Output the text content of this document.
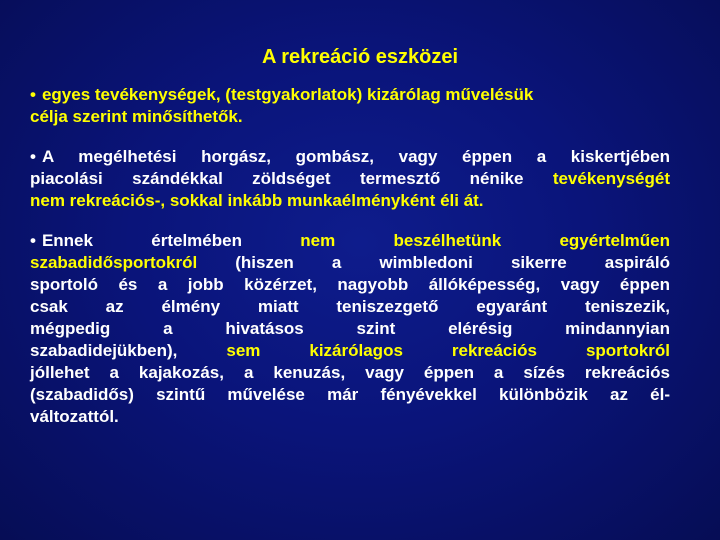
A rekreáció eszközei

• egyes tevékenységek, (testgyakorlatok) kizárólag művelésük
célja szerint minősíthetők.

• A megélhetési horgász, gombász, vagy éppen a kiskertjében
piacolási szándékkal zöldséget termesztő nénike tevékenységét
nem rekreációs-, sokkal inkább munkaélményként éli át.

• Ennek értelmében nem beszélhetünk egyértelműen
szabadidősportokról (hiszen a wimbledoni sikerre aspiráló
sportoló és a jobb közérzet, nagyobb állóképesség, vagy éppen
csak az élmény miatt teniszezgető egyaránt teniszezik,
mégpedig a hivatásos szint elérésig mindannyian
szabadidejükben), sem kizárólagos rekreációs sportokról
jóllehet a kajakozás, a kenuzás, vagy éppen a sízés rekreációs
(szabadidős) szintű művelése már fényévekkel különbözik az él-
változattól.
